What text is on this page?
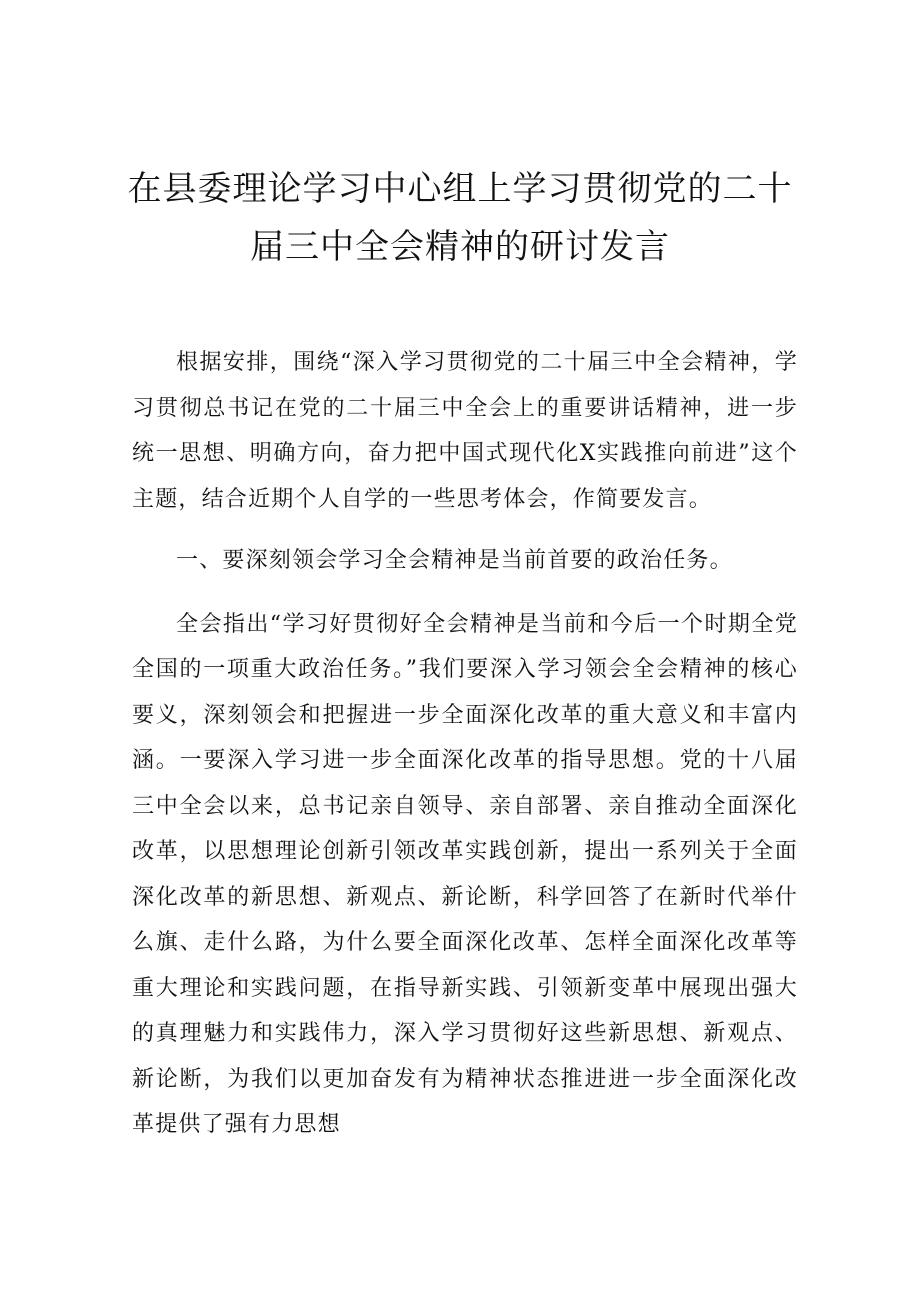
在县委理论学习中心组上学习贯彻党的二十
届三中全会精神的研讨发言

根据安排，围绕“深入学习贯彻党的二十届三中全会精神，学习贯彻总书记在党的二十届三中全会上的重要讲话精神，进一步统一思想、明确方向，奋力把中国式现代化X实践推向前进”这个主题，结合近期个人自学的一些思考体会，作简要发言。

一、要深刻领会学习全会精神是当前首要的政治任务。

全会指出“学习好贯彻好全会精神是当前和今后一个时期全党全国的一项重大政治任务。”我们要深入学习领会全会精神的核心要义，深刻领会和把握进一步全面深化改革的重大意义和丰富内涵。一要深入学习进一步全面深化改革的指导思想。党的十八届三中全会以来，总书记亲自领导、亲自部署、亲自推动全面深化改革，以思想理论创新引领改革实践创新，提出一系列关于全面深化改革的新思想、新观点、新论断，科学回答了在新时代举什么旗、走什么路，为什么要全面深化改革、怎样全面深化改革等重大理论和实践问题，在指导新实践、引领新变革中展现出强大的真理魅力和实践伟力，深入学习贯彻好这些新思想、新观点、新论断，为我们以更加奋发有为精神状态推进进一步全面深化改革提供了强有力思想
